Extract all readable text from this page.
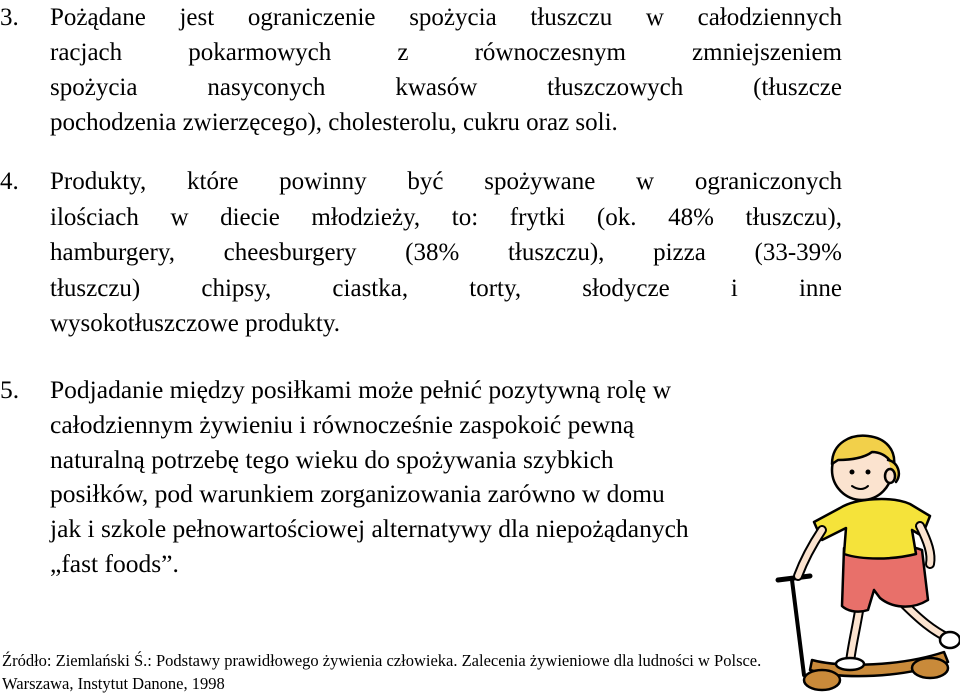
3. Pożądane jest ograniczenie spożycia tłuszczu w całodziennych
racjach pokarmowych z równoczesnym zmniejszeniem
spożycia nasyconych kwasów tłuszczowych (tłuszcze
pochodzenia zwierzęcego), cholesterolu, cukru oraz soli.
4. Produkty, które powinny być spożywane w ograniczonych
ilościach w diecie młodzieży, to: frytki (ok. 48% tłuszczu),
hamburgery, cheesburgery (38% tłuszczu), pizza (33-39%
tłuszczu) chipsy, ciastka, torty, słodycze i inne
wysokotłuszczowe produkty.
5. Podjadanie między posiłkami może pełnić pozytywną rolę w
całodziennym żywieniu i równocześnie zaspokoić pewną
naturalną potrzebę tego wieku do spożywania szybkich
posiłków, pod warunkiem zorganizowania zarówno w domu
jak i szkole pełnowartościowej alternatywy dla niepożądanych
„fast foods”.
Źródło: Ziemlański Ś.: Podstawy prawidłowego żywienia człowieka. Zalecenia żywieniowe dla ludności w Polsce.
Warszawa, Instytut Danone, 1998
